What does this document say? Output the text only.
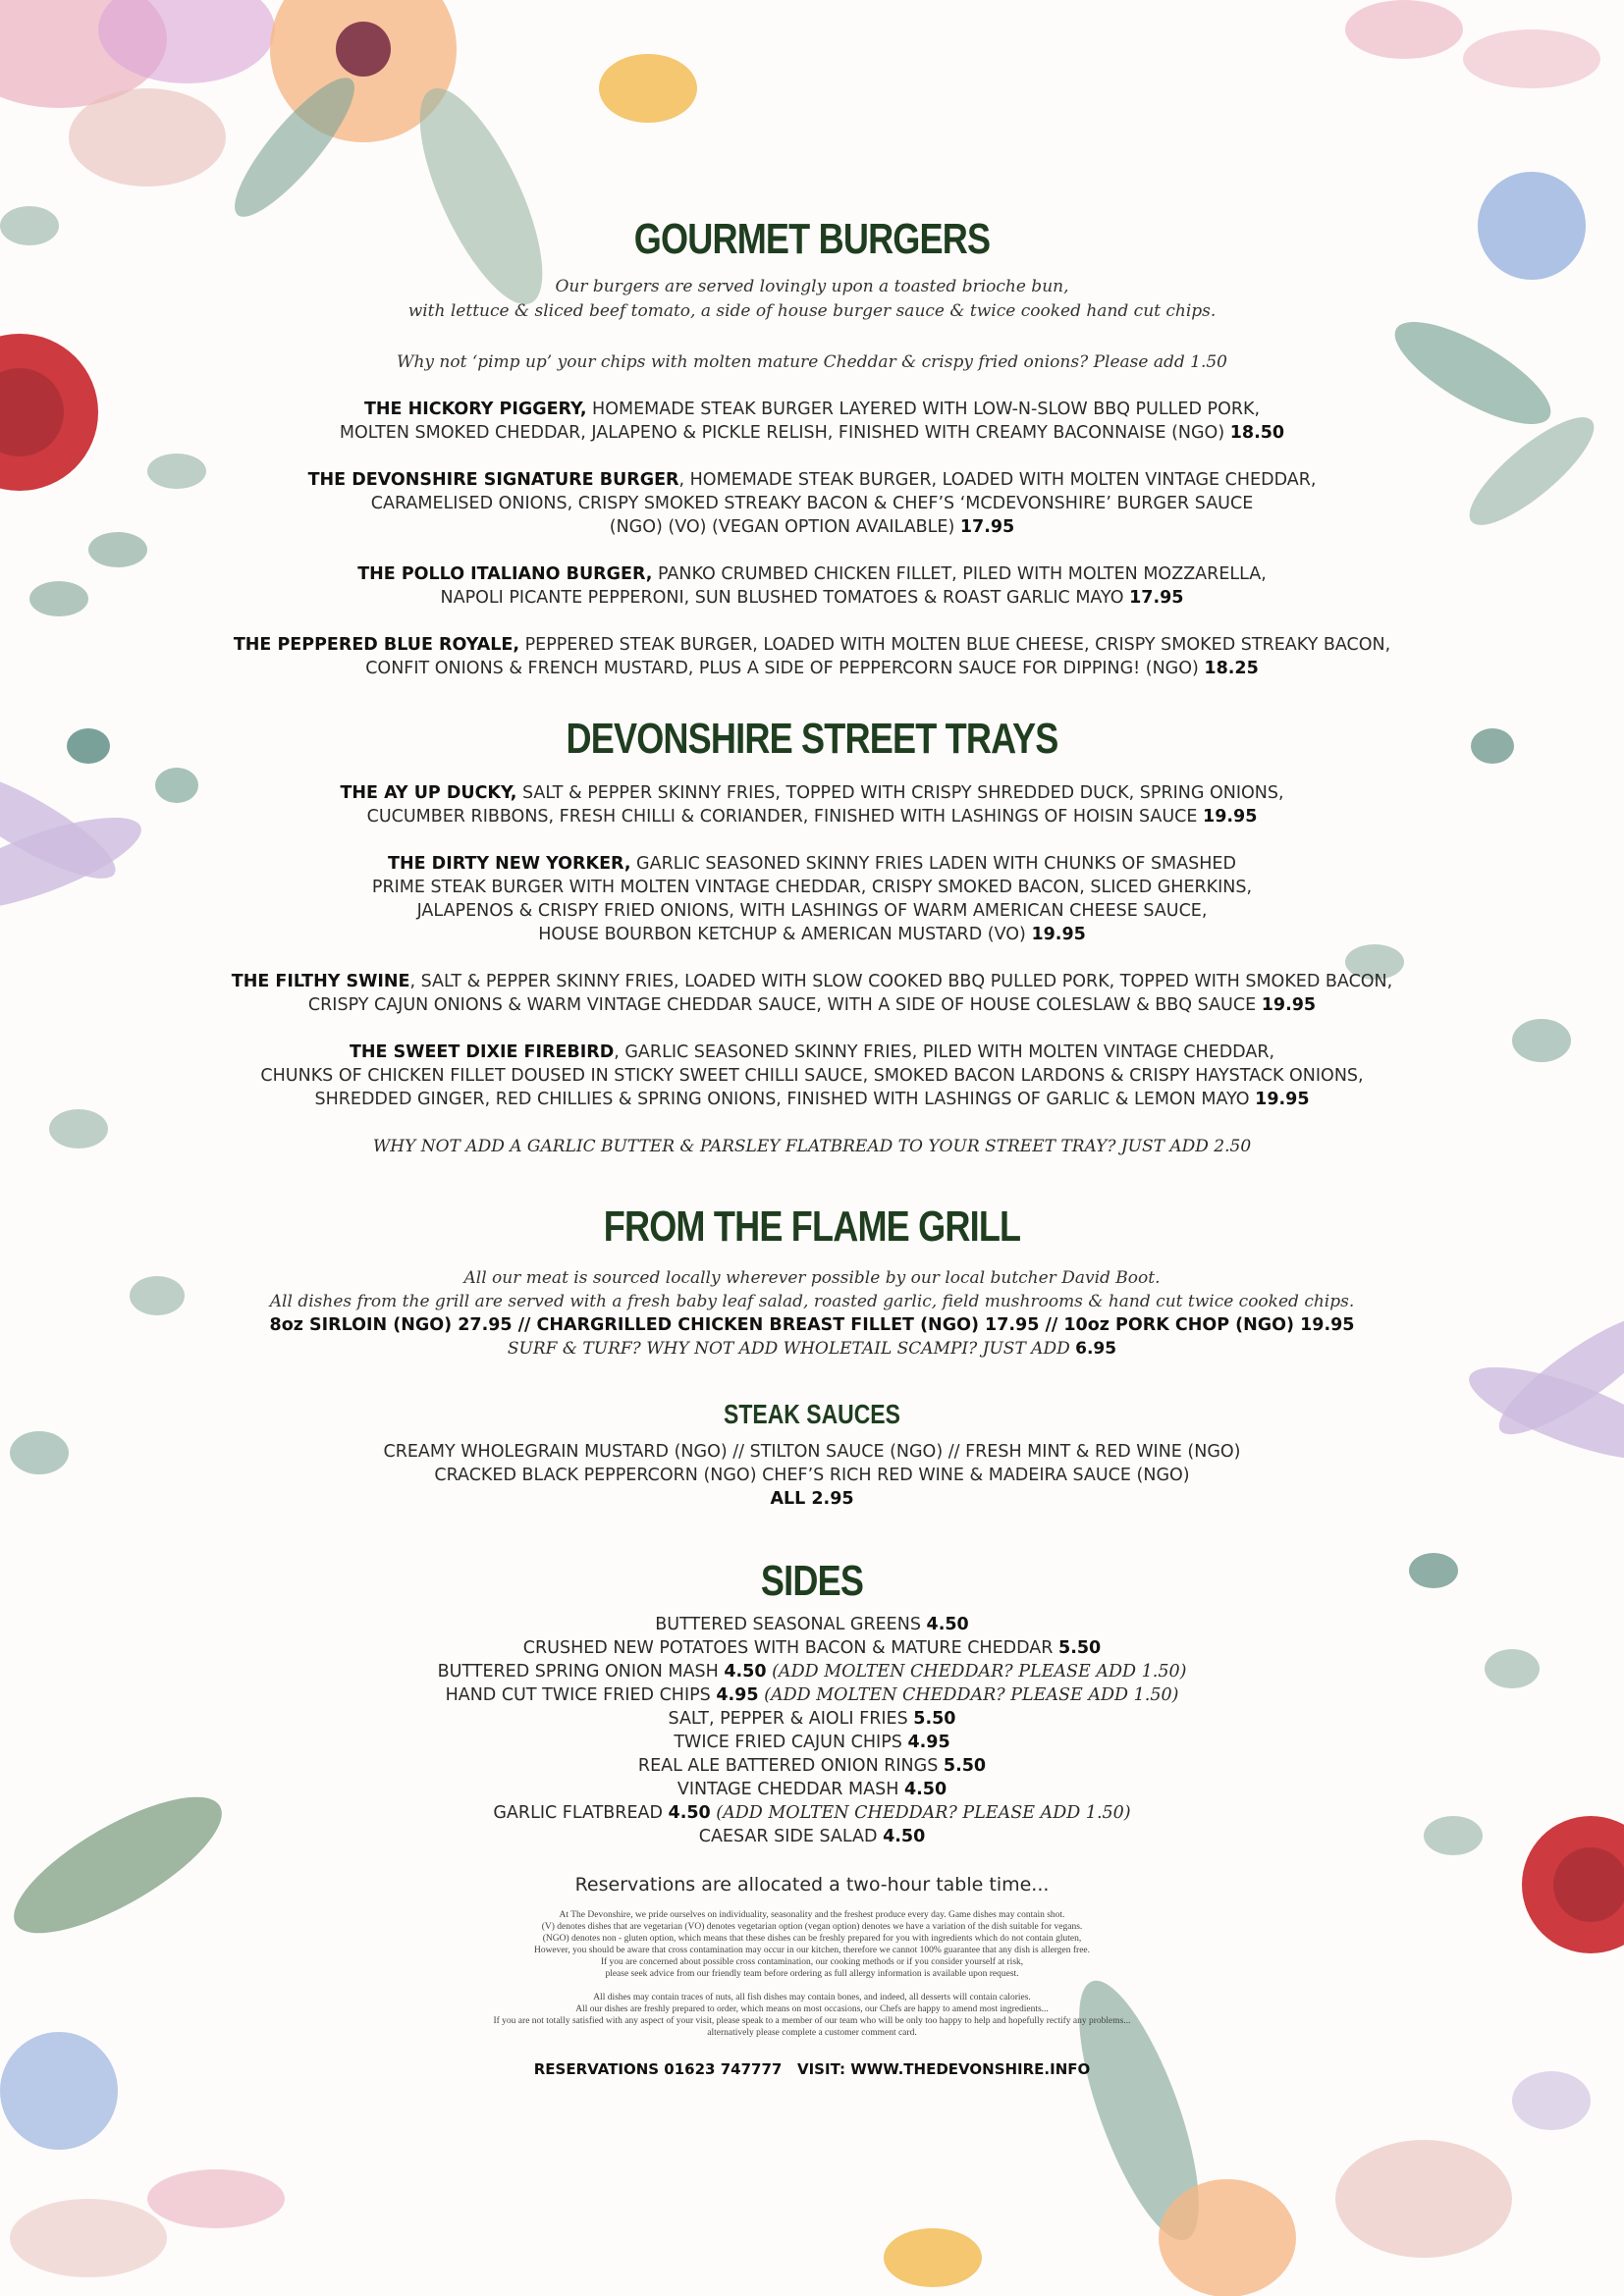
GOURMET BURGERS
Our burgers are served lovingly upon a toasted brioche bun,
with lettuce & sliced beef tomato, a side of house burger sauce & twice cooked hand cut chips.
Why not ‘pimp up’ your chips with molten mature Cheddar & crispy fried onions? Please add 1.50
THE HICKORY PIGGERY, HOMEMADE STEAK BURGER LAYERED WITH LOW-N-SLOW BBQ PULLED PORK,
MOLTEN SMOKED CHEDDAR, JALAPENO & PICKLE RELISH, FINISHED WITH CREAMY BACONNAISE (NGO) 18.50
THE DEVONSHIRE SIGNATURE BURGER, HOMEMADE STEAK BURGER, LOADED WITH MOLTEN VINTAGE CHEDDAR,
CARAMELISED ONIONS, CRISPY SMOKED STREAKY BACON & CHEF’S ‘MCDEVONSHIRE’ BURGER SAUCE
(NGO) (VO) (VEGAN OPTION AVAILABLE) 17.95
THE POLLO ITALIANO BURGER, PANKO CRUMBED CHICKEN FILLET, PILED WITH MOLTEN MOZZARELLA,
NAPOLI PICANTE PEPPERONI, SUN BLUSHED TOMATOES & ROAST GARLIC MAYO 17.95
THE PEPPERED BLUE ROYALE, PEPPERED STEAK BURGER, LOADED WITH MOLTEN BLUE CHEESE, CRISPY SMOKED STREAKY BACON,
CONFIT ONIONS & FRENCH MUSTARD, PLUS A SIDE OF PEPPERCORN SAUCE FOR DIPPING! (NGO) 18.25
DEVONSHIRE STREET TRAYS
THE AY UP DUCKY, SALT & PEPPER SKINNY FRIES, TOPPED WITH CRISPY SHREDDED DUCK, SPRING ONIONS,
CUCUMBER RIBBONS, FRESH CHILLI & CORIANDER, FINISHED WITH LASHINGS OF HOISIN SAUCE 19.95
THE DIRTY NEW YORKER, GARLIC SEASONED SKINNY FRIES LADEN WITH CHUNKS OF SMASHED
PRIME STEAK BURGER WITH MOLTEN VINTAGE CHEDDAR, CRISPY SMOKED BACON, SLICED GHERKINS,
JALAPENOS & CRISPY FRIED ONIONS, WITH LASHINGS OF WARM AMERICAN CHEESE SAUCE,
HOUSE BOURBON KETCHUP & AMERICAN MUSTARD (VO) 19.95
THE FILTHY SWINE, SALT & PEPPER SKINNY FRIES, LOADED WITH SLOW COOKED BBQ PULLED PORK, TOPPED WITH SMOKED BACON,
CRISPY CAJUN ONIONS & WARM VINTAGE CHEDDAR SAUCE, WITH A SIDE OF HOUSE COLESLAW & BBQ SAUCE 19.95
THE SWEET DIXIE FIREBIRD, GARLIC SEASONED SKINNY FRIES, PILED WITH MOLTEN VINTAGE CHEDDAR,
CHUNKS OF CHICKEN FILLET DOUSED IN STICKY SWEET CHILLI SAUCE, SMOKED BACON LARDONS & CRISPY HAYSTACK ONIONS,
SHREDDED GINGER, RED CHILLIES & SPRING ONIONS, FINISHED WITH LASHINGS OF GARLIC & LEMON MAYO 19.95
WHY NOT ADD A GARLIC BUTTER & PARSLEY FLATBREAD TO YOUR STREET TRAY? JUST ADD 2.50
FROM THE FLAME GRILL
All our meat is sourced locally wherever possible by our local butcher David Boot.
All dishes from the grill are served with a fresh baby leaf salad, roasted garlic, field mushrooms & hand cut twice cooked chips.
8oz SIRLOIN (NGO) 27.95 // CHARGRILLED CHICKEN BREAST FILLET (NGO) 17.95 // 10oz PORK CHOP (NGO) 19.95
SURF & TURF? WHY NOT ADD WHOLETAIL SCAMPI? JUST ADD 6.95
STEAK SAUCES
CREAMY WHOLEGRAIN MUSTARD (NGO) // STILTON SAUCE (NGO) // FRESH MINT & RED WINE (NGO)
CRACKED BLACK PEPPERCORN (NGO) CHEF’S RICH RED WINE & MADEIRA SAUCE (NGO)
ALL 2.95
SIDES
BUTTERED SEASONAL GREENS 4.50
CRUSHED NEW POTATOES WITH BACON & MATURE CHEDDAR 5.50
BUTTERED SPRING ONION MASH 4.50 (ADD MOLTEN CHEDDAR? PLEASE ADD 1.50)
HAND CUT TWICE FRIED CHIPS 4.95 (ADD MOLTEN CHEDDAR? PLEASE ADD 1.50)
SALT, PEPPER & AIOLI FRIES 5.50
TWICE FRIED CAJUN CHIPS 4.95
REAL ALE BATTERED ONION RINGS 5.50
VINTAGE CHEDDAR MASH 4.50
GARLIC FLATBREAD 4.50 (ADD MOLTEN CHEDDAR? PLEASE ADD 1.50)
CAESAR SIDE SALAD 4.50
Reservations are allocated a two-hour table time...
At The Devonshire, we pride ourselves on individuality, seasonality and the freshest produce every day. Game dishes may contain shot.
(V) denotes dishes that are vegetarian (VO) denotes vegetarian option (vegan option) denotes we have a variation of the dish suitable for vegans.
(NGO) denotes non - gluten option, which means that these dishes can be freshly prepared for you with ingredients which do not contain gluten,
However, you should be aware that cross contamination may occur in our kitchen, therefore we cannot 100% guarantee that any dish is allergen free.
If you are concerned about possible cross contamination, our cooking methods or if you consider yourself at risk,
please seek advice from our friendly team before ordering as full allergy information is available upon request.
All dishes may contain traces of nuts, all fish dishes may contain bones, and indeed, all desserts will contain calories.
All our dishes are freshly prepared to order, which means on most occasions, our Chefs are happy to amend most ingredients...
If you are not totally satisfied with any aspect of your visit, please speak to a member of our team who will be only too happy to help and hopefully rectify any problems...
alternatively please complete a customer comment card.
RESERVATIONS 01623 747777   VISIT: WWW.THEDEVONSHIRE.INFO
